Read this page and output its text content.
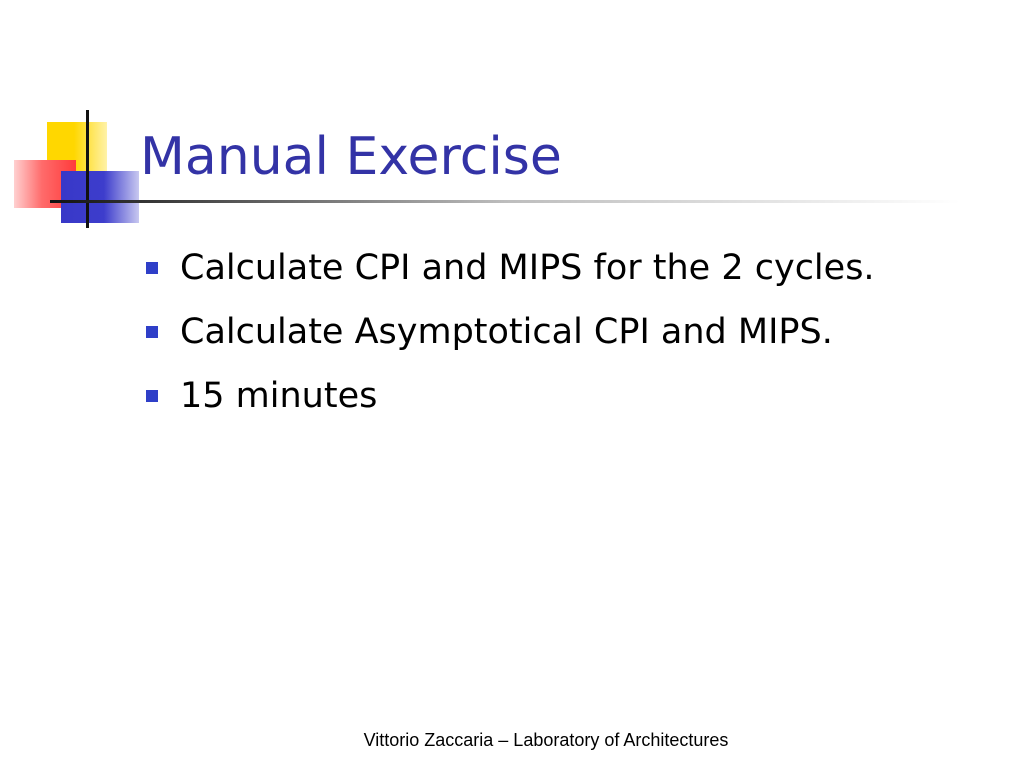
Manual Exercise
Calculate CPI and MIPS for the 2 cycles.
Calculate Asymptotical CPI and MIPS.
15 minutes
Vittorio Zaccaria – Laboratory of Architectures
